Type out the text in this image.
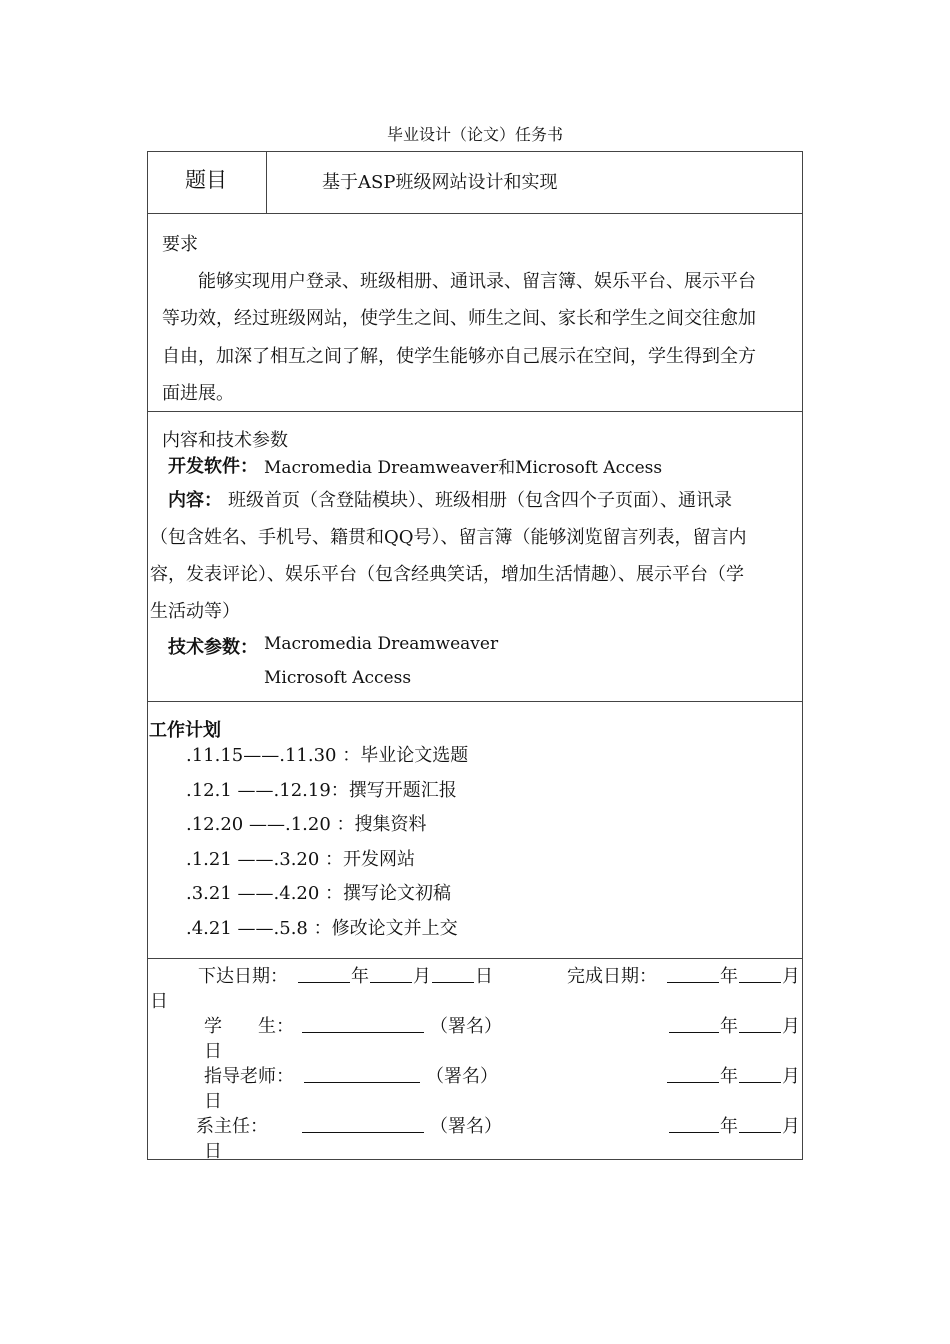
毕业设计（论文）任务书
题目	基于ASP班级网站设计和实现
要求
能够实现用户登录、班级相册、通讯录、留言簿、娱乐平台、展示平台
等功效，经过班级网站，使学生之间、师生之间、家长和学生之间交往愈加
自由，加深了相互之间了解，使学生能够亦自己展示在空间，学生得到全方
面进展。
内容和技术参数
开发软件： Macromedia Dreamweaver和Microsoft Access
内容： 班级首页（含登陆模块）、班级相册（包含四个子页面）、通讯录
（包含姓名、手机号、籍贯和QQ号）、留言簿（能够浏览留言列表，留言内
容，发表评论）、娱乐平台（包含经典笑话，增加生活情趣）、展示平台（学
生活动等）
技术参数： Macromedia Dreamweaver
Microsoft Access
工作计划
.11.15——.11.30 ：毕业论文选题
.12.1 ——.12.19：撰写开题汇报
.12.20 ——.1.20 ：搜集资料
.1.21 ——.3.20 ：开发网站
.3.21 ——.4.20 ：撰写论文初稿
.4.21 ——.5.8 ：修改论文并上交
下达日期：	年 月 日	完成日期：	年 月
日
学　　生：	（署名）	年 月
日
指导老师：	（署名）	年 月
日
系主任：	（署名）	年 月
日
